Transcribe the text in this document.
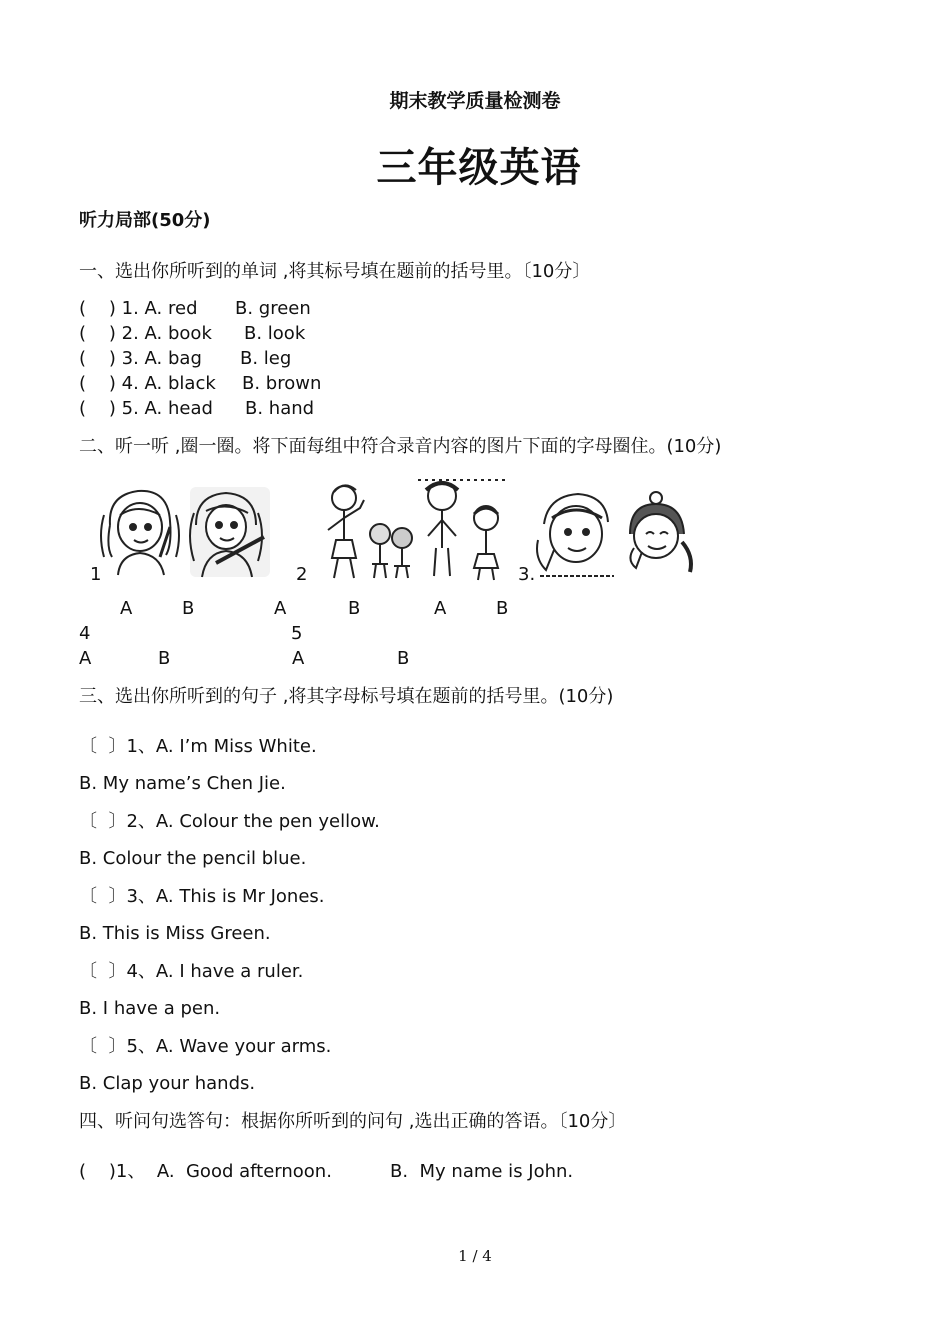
期末教学质量检测卷
三年级英语
听力局部(50分)
一、选出你所听到的单词 ,将其标号填在题前的括号里。〔10分〕
(    ) 1. A. red B. green
(    ) 2. A. book B. look
(    ) 3. A. bag B. leg
(    ) 4. A. black B. brown
(    ) 5. A. head B. hand
二、听一听 ,圈一圈。将下面每组中符合录音内容的图片下面的字母圈住。(10分)
1	2	3.
A	B	A	B	A	B
4	5
A	B	A	B
三、选出你所听到的句子 ,将其字母标号填在题前的括号里。(10分)
〔  〕1、A. I’m Miss White.
B. My name’s Chen Jie.
〔  〕2、A. Colour the pen yellow.
B. Colour the pencil blue.
〔  〕3、A. This is Mr Jones.
B. This is Miss Green.
〔  〕4、A. I have a ruler.
B. I have a pen.
〔  〕5、A. Wave your arms.
B. Clap your hands.
四、听问句选答句：根据你所听到的问句 ,选出正确的答语。〔10分〕
(    )1、  A.  Good afternoon.	B.  My name is John.
1 / 4
